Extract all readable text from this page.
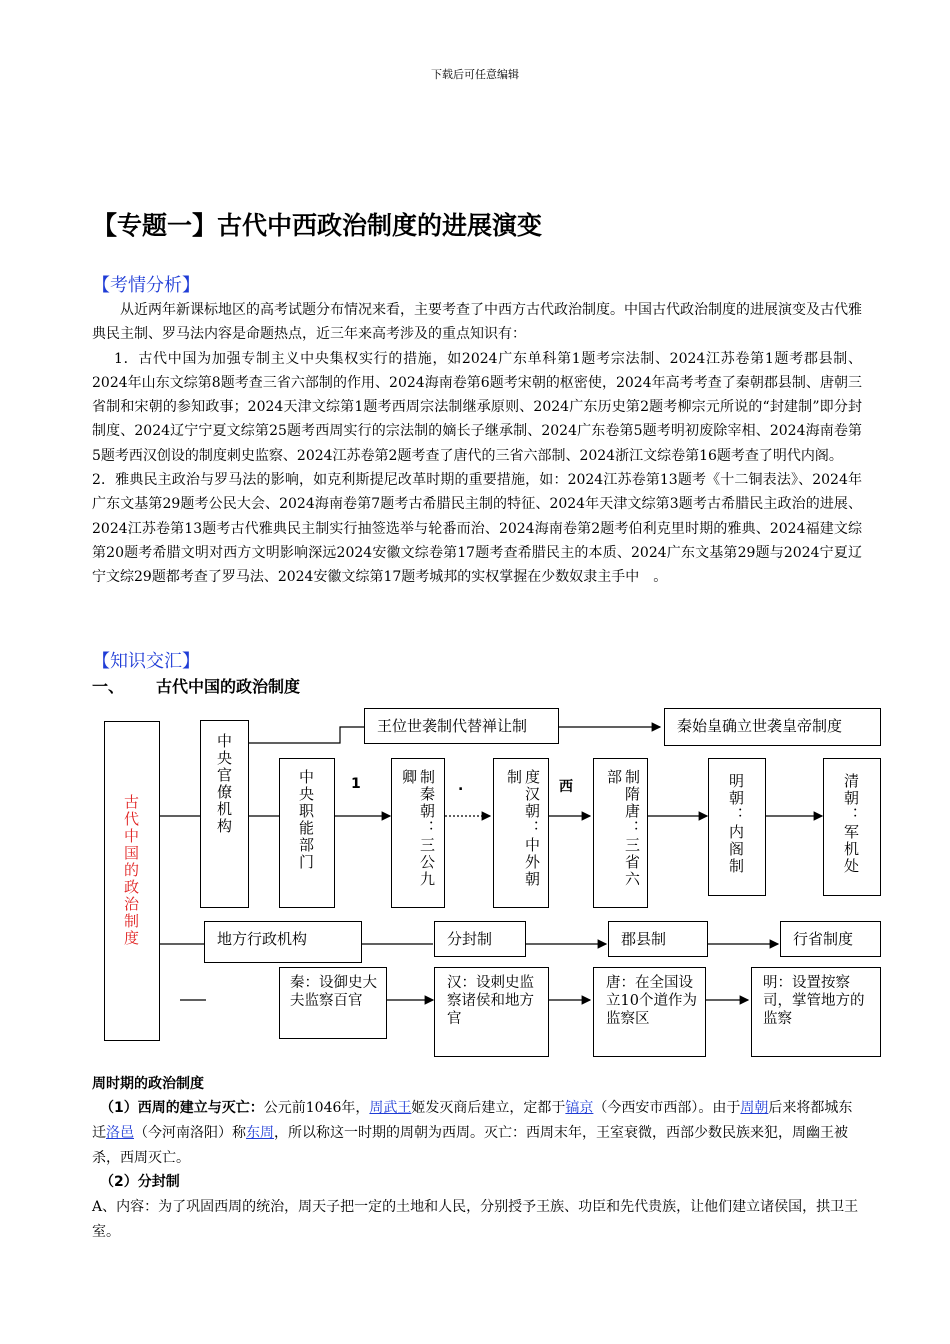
下载后可任意编辑
【专题一】古代中西政治制度的进展演变
【考情分析】
从近两年新课标地区的高考试题分布情况来看，主要考查了中西方古代政治制度。中国古代政治制度的进展演变及古代雅典民主制、罗马法内容是命题热点，近三年来高考涉及的重点知识有：
1．古代中国为加强专制主义中央集权实行的措施，如2024广东单科第1题考宗法制、2024江苏卷第1题考郡县制、2024年山东文综第8题考查三省六部制的作用、2024海南卷第6题考宋朝的枢密使，2024年高考考查了秦朝郡县制、唐朝三省制和宋朝的参知政事；2024天津文综第1题考西周宗法制继承原则、2024广东历史第2题考柳宗元所说的“封建制”即分封制度、2024辽宁宁夏文综第25题考西周实行的宗法制的嫡长子继承制、2024广东卷第5题考明初废除宰相、2024海南卷第5题考西汉创设的制度刺史监察、2024江苏卷第2题考查了唐代的三省六部制、2024浙江文综卷第16题考查了明代内阁。
2．雅典民主政治与罗马法的影响，如克利斯提尼改革时期的重要措施，如：2024江苏卷第13题考《十二铜表法》、2024年广东文基第29题考公民大会、2024海南卷第7题考古希腊民主制的特征、2024年天津文综第3题考古希腊民主政治的进展、2024江苏卷第13题考古代雅典民主制实行抽签选举与轮番而治、2024海南卷第2题考伯利克里时期的雅典、2024福建文综第20题考希腊文明对西方文明影响深远2024安徽文综卷第17题考查希腊民主的本质、2024广东文基第29题与2024宁夏辽宁文综29题都考查了罗马法、2024安徽文综第17题考城邦的实权掌握在少数奴隶主手中　。
【知识交汇】
一、 古代中国的政治制度
古代中国的政治制度
中央官僚机构	中央职能部门
王位世袭制代替禅让制	秦始皇确立世袭皇帝制度
1	.	西
制秦朝：三公九卿	度汉朝：中外朝制	制隋唐：三省六部	明朝：内阁制	清朝：军机处
地方行政机构	分封制	郡县制	行省制度
秦：设御史大夫监察百官
汉：设刺史监察诸侯和地方官
唐：在全国设立10个道作为监察区
明：设置按察司，掌管地方的监察
周时期的政治制度
（1）西周的建立与灭亡：公元前1046年，周武王姬发灭商后建立，定都于镐京（今西安市西部）。由于周朝后来将都城东迁洛邑（今河南洛阳）称东周，所以称这一时期的周朝为西周。灭亡：西周末年，王室衰微，西部少数民族来犯，周幽王被杀，西周灭亡。
（2）分封制
A、内容：为了巩固西周的统治，周天子把一定的土地和人民，分别授予王族、功臣和先代贵族，让他们建立诸侯国，拱卫王室。
